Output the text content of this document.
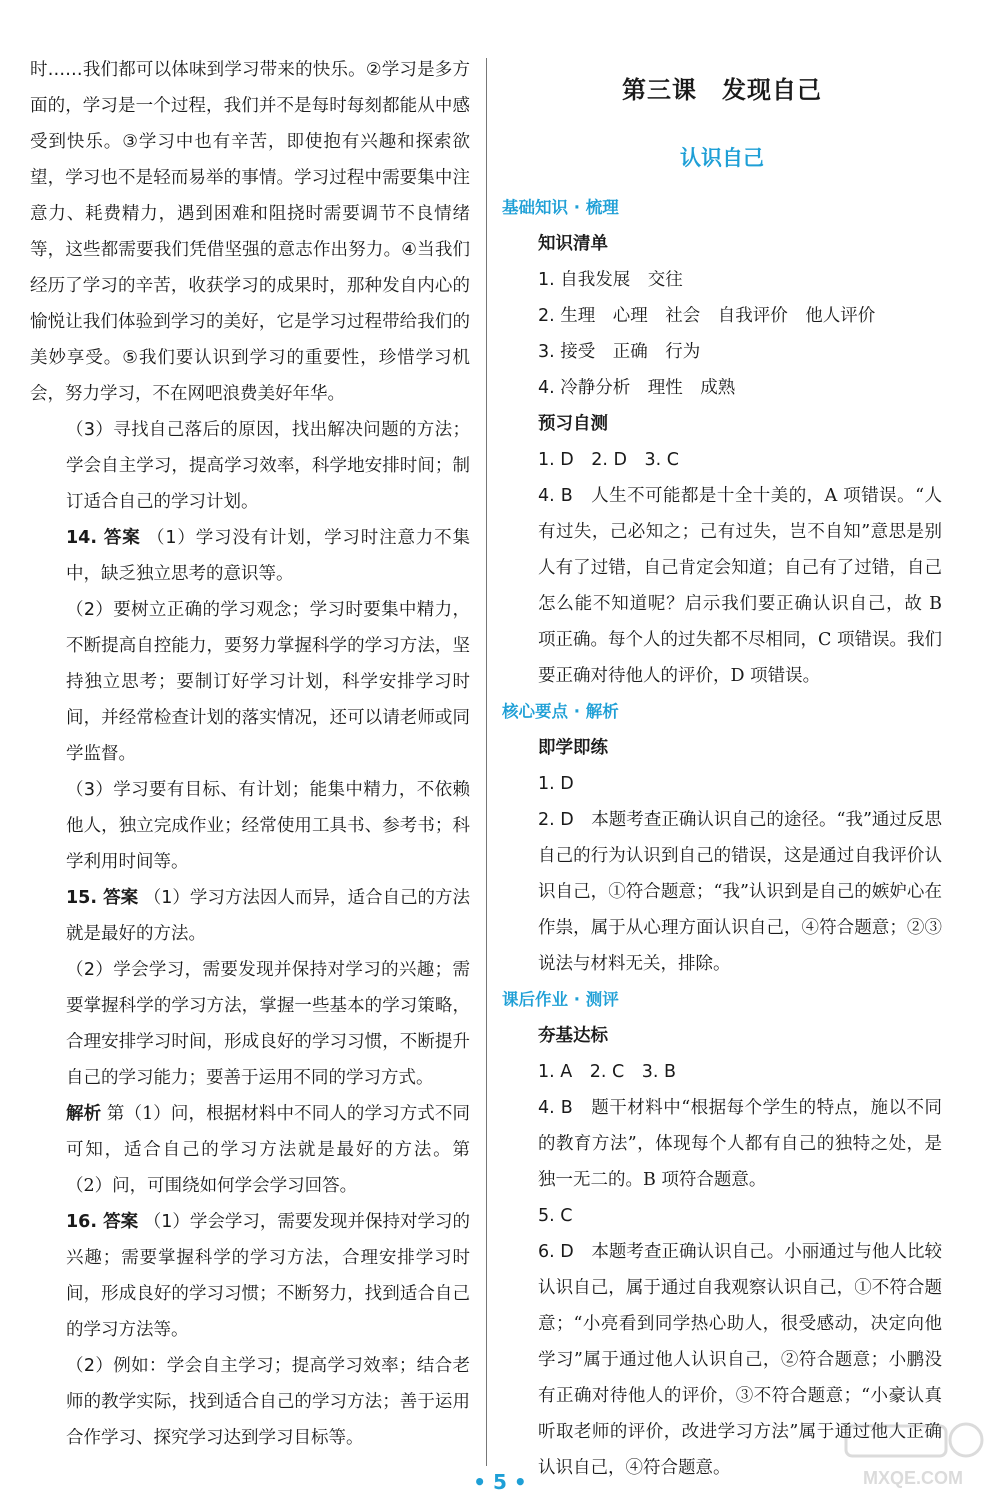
时……我们都可以体味到学习带来的快乐。②学习是多方面的，学习是一个过程，我们并不是每时每刻都能从中感受到快乐。③学习中也有辛苦，即使抱有兴趣和探索欲望，学习也不是轻而易举的事情。学习过程中需要集中注意力、耗费精力，遇到困难和阻挠时需要调节不良情绪等，这些都需要我们凭借坚强的意志作出努力。④当我们经历了学习的辛苦，收获学习的成果时，那种发自内心的愉悦让我们体验到学习的美好，它是学习过程带给我们的美妙享受。⑤我们要认识到学习的重要性，珍惜学习机会，努力学习，不在网吧浪费美好年华。

（3）寻找自己落后的原因，找出解决问题的方法；学会自主学习，提高学习效率，科学地安排时间；制订适合自己的学习计划。

14. 答案 （1）学习没有计划，学习时注意力不集中，缺乏独立思考的意识等。

（2）要树立正确的学习观念；学习时要集中精力，不断提高自控能力，要努力掌握科学的学习方法，坚持独立思考；要制订好学习计划，科学安排学习时间，并经常检查计划的落实情况，还可以请老师或同学监督。

（3）学习要有目标、有计划；能集中精力，不依赖他人，独立完成作业；经常使用工具书、参考书；科学利用时间等。

15. 答案 （1）学习方法因人而异，适合自己的方法就是最好的方法。

（2）学会学习，需要发现并保持对学习的兴趣；需要掌握科学的学习方法，掌握一些基本的学习策略，合理安排学习时间，形成良好的学习习惯，不断提升自己的学习能力；要善于运用不同的学习方式。

解析 第（1）问，根据材料中不同人的学习方式不同可知，适合自己的学习方法就是最好的方法。第（2）问，可围绕如何学会学习回答。

16. 答案 （1）学会学习，需要发现并保持对学习的兴趣；需要掌握科学的学习方法，合理安排学习时间，形成良好的学习习惯；不断努力，找到适合自己的学习方法等。

（2）例如：学会自主学习；提高学习效率；结合老师的教学实际，找到适合自己的学习方法；善于运用合作学习、探究学习达到学习目标等。

第三课　发现自己
认识自己
基础知识 · 梳理

知识清单

1. 自我发展　交往

2. 生理　心理　社会　自我评价　他人评价

3. 接受　正确　行为

4. 冷静分析　理性　成熟

预习自测

1. D　2. D　3. C

4. B　 人生不可能都是十全十美的，A 项错误。“人有过失，己必知之；己有过失，岂不自知”意思是别人有了过错，自己肯定会知道；自己有了过错，自己怎么能不知道呢？启示我们要正确认识自己，故 B 项正确。每个人的过失都不尽相同，C 项错误。我们要正确对待他人的评价，D 项错误。

核心要点 · 解析

即学即练

1. D

2. D　 本题考查正确认识自己的途径。“我”通过反思自己的行为认识到自己的错误，这是通过自我评价认识自己，①符合题意；“我”认识到是自己的嫉妒心在作祟，属于从心理方面认识自己，④符合题意；②③说法与材料无关，排除。

课后作业 · 测评

夯基达标

1. A　2. C　3. B

4. B　 题干材料中“根据每个学生的特点，施以不同的教育方法”，体现每个人都有自己的独特之处，是独一无二的。B 项符合题意。

5. C

6. D　 本题考查正确认识自己。小丽通过与他人比较认识自己，属于通过自我观察认识自己，①不符合题意；“小亮看到同学热心助人，很受感动，决定向他学习”属于通过他人认识自己，②符合题意；小鹏没有正确对待他人的评价，③不符合题意；“小豪认真听取老师的评价，改进学习方法”属于通过他人正确认识自己，④符合题意。

• 5 •	MXQE.COM
